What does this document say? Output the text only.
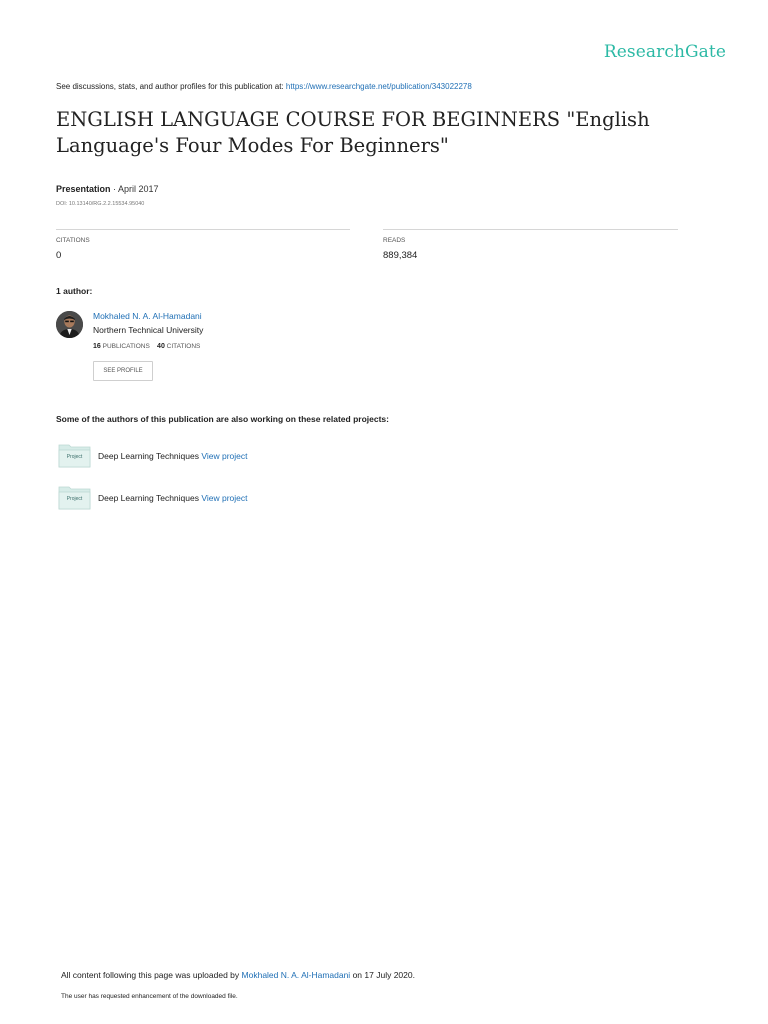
ResearchGate
See discussions, stats, and author profiles for this publication at: https://www.researchgate.net/publication/343022278
ENGLISH LANGUAGE COURSE FOR BEGINNERS "English Language's Four Modes For Beginners"
Presentation · April 2017
DOI: 10.13140/RG.2.2.15534.95040
CITATIONS
0
READS
889,384
1 author:
Mokhaled N. A. Al-Hamadani
Northern Technical University
16 PUBLICATIONS 40 CITATIONS
SEE PROFILE
Some of the authors of this publication are also working on these related projects:
Project	Deep Learning Techniques View project
Project	Deep Learning Techniques View project
All content following this page was uploaded by Mokhaled N. A. Al-Hamadani on 17 July 2020.
The user has requested enhancement of the downloaded file.
